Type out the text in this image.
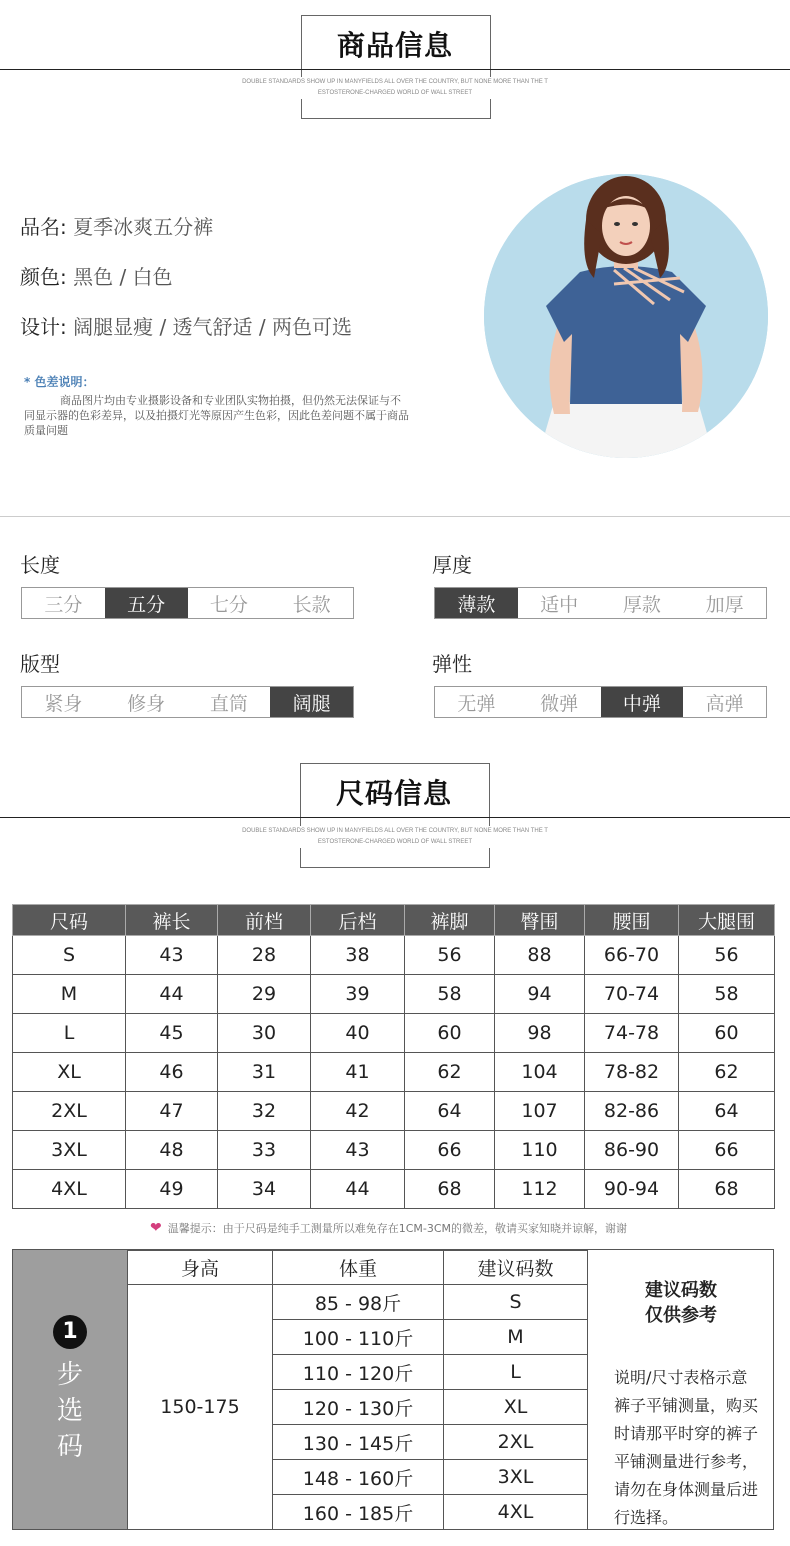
商品信息
DOUBLE STANDARDS SHOW UP IN MANYFIELDS ALL OVER THE COUNTRY, BUT NONE MORE THAN THE T
ESTOSTERONE-CHARGED WORLD OF WALL STREET
品名: 夏季冰爽五分裤
颜色: 黑色 / 白色
设计: 阔腿显瘦 / 透气舒适 / 两色可选
* 色差说明：
商品图片均由专业摄影设备和专业团队实物拍摄，但仍然无法保证与不同显示器的色彩差异，以及拍摄灯光等原因产生色彩，因此色差问题不属于商品质量问题
长度
三分	五分	七分	长款
厚度
薄款	适中	厚款	加厚
版型
紧身	修身	直筒	阔腿
弹性
无弹	微弹	中弹	高弹
尺码信息
DOUBLE STANDARDS SHOW UP IN MANYFIELDS ALL OVER THE COUNTRY, BUT NONE MORE THAN THE T
ESTOSTERONE-CHARGED WORLD OF WALL STREET
尺码	裤长	前档	后档	裤脚	臀围	腰围	大腿围
S	43	28	38	56	88	66-70	56
M	44	29	39	58	94	70-74	58
L	45	30	40	60	98	74-78	60
XL	46	31	41	62	104	78-82	62
2XL	47	32	42	64	107	82-86	64
3XL	48	33	43	66	110	86-90	66
4XL	49	34	44	68	112	90-94	68
❤ 温馨提示：由于尺码是纯手工测量所以难免存在1CM-3CM的微差，敬请买家知晓并谅解，谢谢
1
步选码
身高	体重	建议码数
150-175	85 - 98斤	S
	100 - 110斤	M
	110 - 120斤	L
	120 - 130斤	XL
	130 - 145斤	2XL
	148 - 160斤	3XL
	160 - 185斤	4XL
建议码数
仅供参考
说明/尺寸表格示意裤子平铺测量，购买时请那平时穿的裤子平铺测量进行参考，请勿在身体测量后进行选择。
